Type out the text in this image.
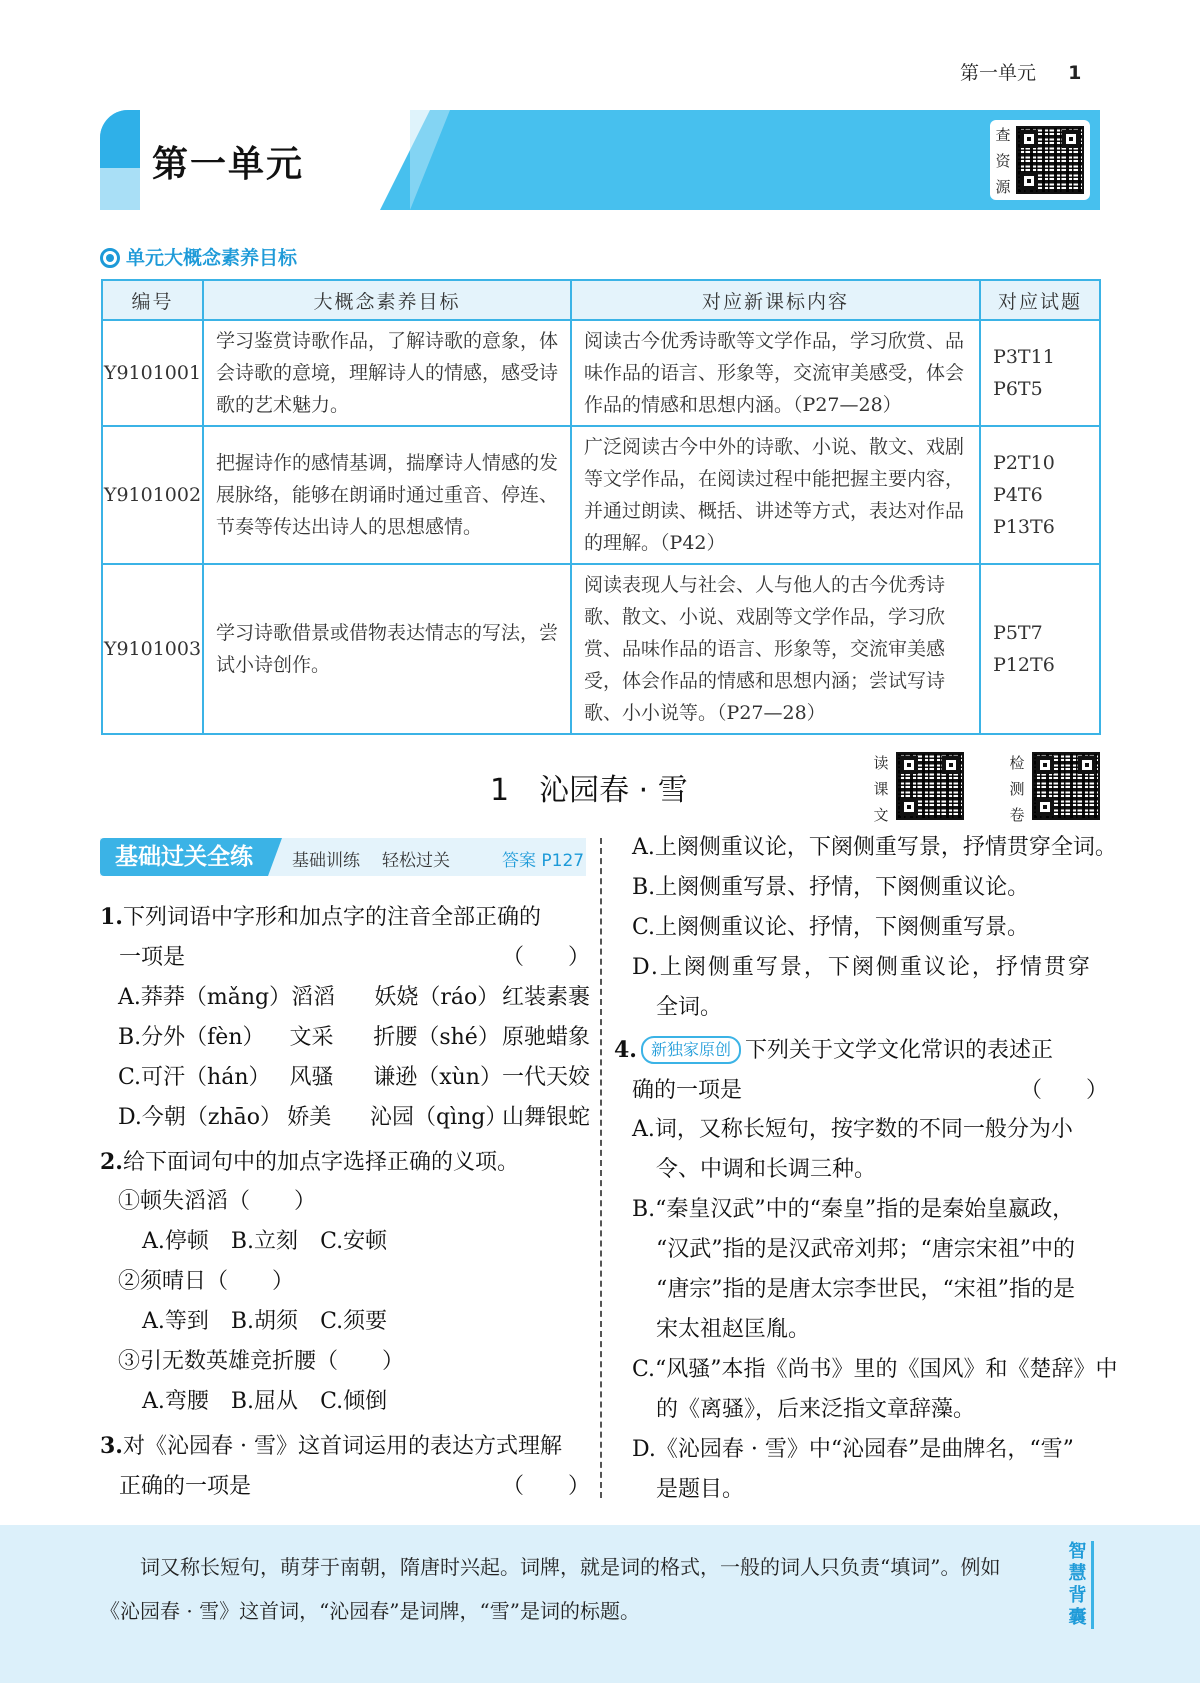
第一单元 1
第一单元
查
资
源
单元大概念素养目标
编号	大概念素养目标	对应新课标内容	对应试题
Y9101001	学习鉴赏诗歌作品，了解诗歌的意象，体会诗歌的意境，理解诗人的情感，感受诗歌的艺术魅力。	阅读古今优秀诗歌等文学作品，学习欣赏、品味作品的语言、形象等，交流审美感受，体会作品的情感和思想内涵。（P27—28）	P3T11
P6T5

Y9101002	把握诗作的感情基调，揣摩诗人情感的发展脉络，能够在朗诵时通过重音、停连、节奏等传达出诗人的思想感情。	广泛阅读古今中外的诗歌、小说、散文、戏剧等文学作品，在阅读过程中能把握主要内容，并通过朗读、概括、讲述等方式，表达对作品的理解。（P42）	P2T10
P4T6
P13T6

Y9101003	学习诗歌借景或借物表达情志的写法，尝试小诗创作。	阅读表现人与社会、人与他人的古今优秀诗歌、散文、小说、戏剧等文学作品，学习欣赏、品味作品的语言、形象等，交流审美感受，体会作品的情感和思想内涵；尝试写诗歌、小小说等。（P27—28）	P5T7
P12T6
1 沁园春 · 雪
读
课
文
检
测
卷
基础过关全练	基础训练 轻松过关	答案 P127
1.下列词语中字形和加点字的注音全部正确的
一项是	（　　）
A.莽莽（mǎng） 滔滔	妖娆（ráo） 红装素裹
B.分外（fèn）	文采	折腰（shé） 原驰蜡象
C.可汗（hán） 风骚	谦逊（xùn） 一代天姣
D.今朝（zhāo） 娇美	沁园（qìng）
山舞银蛇
2.给下面词句中的加点字选择正确的义项。
①顿失滔滔（　　）
A.停顿 B.立刻 C.安顿
②须晴日（　　）
A.等到 B.胡须 C.须要
③引无数英雄竞折腰（　　）
A.弯腰 B.屈从 C.倾倒
3.对《沁园春 · 雪》这首词运用的表达方式理解
正确的一项是	（　　）
A.上阕侧重议论，下阕侧重写景，抒情贯穿全词。
B.上阕侧重写景、抒情，下阕侧重议论。
C.上阕侧重议论、抒情，下阕侧重写景。
D.上阕侧重写景，下阕侧重议论，抒情贯穿
全词。
4. 新独家原创 下列关于文学文化常识的表述正
确的一项是	（　　）
A.词，又称长短句，按字数的不同一般分为小
令、中调和长调三种。
B.“秦皇汉武”中的“秦皇”指的是秦始皇嬴政，
“汉武”指的是汉武帝刘邦；“唐宗宋祖”中的
“唐宗”指的是唐太宗李世民，“宋祖”指的是
宋太祖赵匡胤。
C.“风骚”本指《尚书》里的《国风》和《楚辞》中
的《离骚》，后来泛指文章辞藻。
D.《沁园春 · 雪》中“沁园春”是曲牌名，“雪”
是题目。
词又称长短句，萌芽于南朝，隋唐时兴起。词牌，就是词的格式，一般的词人只负责“填词”。例如
《沁园春 · 雪》这首词，“沁园春”是词牌，“雪”是词的标题。
智
慧
背
囊
